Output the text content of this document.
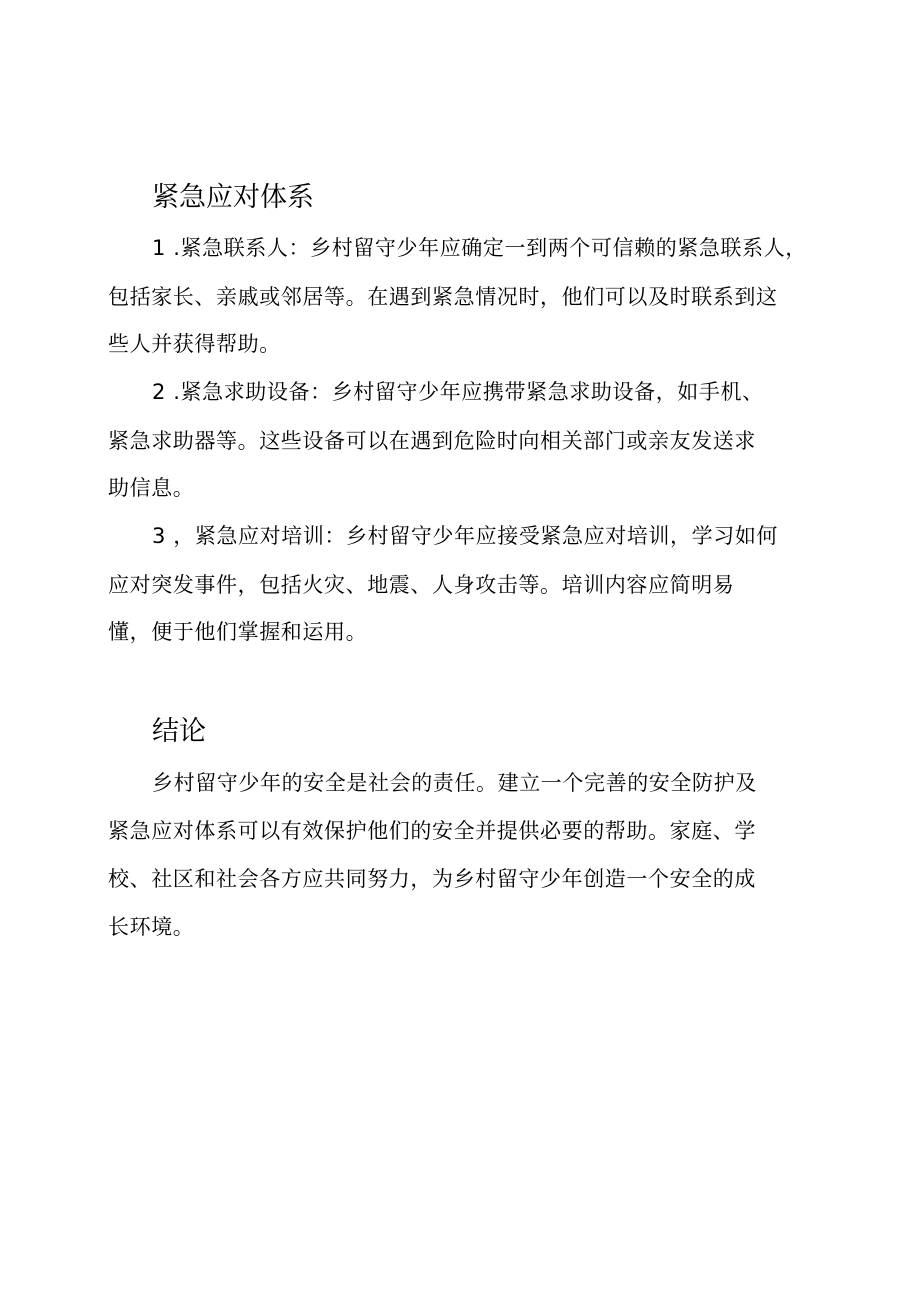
紧急应对体系

1 .紧急联系人：乡村留守少年应确定一到两个可信赖的紧急联系人，

包括家长、亲戚或邻居等。在遇到紧急情况时，他们可以及时联系到这

些人并获得帮助。

2 .紧急求助设备：乡村留守少年应携带紧急求助设备，如手机、

紧急求助器等。这些设备可以在遇到危险时向相关部门或亲友发送求

助信息。

3 ，紧急应对培训：乡村留守少年应接受紧急应对培训，学习如何

应对突发事件，包括火灾、地震、人身攻击等。培训内容应简明易

懂，便于他们掌握和运用。

结论

乡村留守少年的安全是社会的责任。建立一个完善的安全防护及

紧急应对体系可以有效保护他们的安全并提供必要的帮助。家庭、学

校、社区和社会各方应共同努力，为乡村留守少年创造一个安全的成

长环境。
